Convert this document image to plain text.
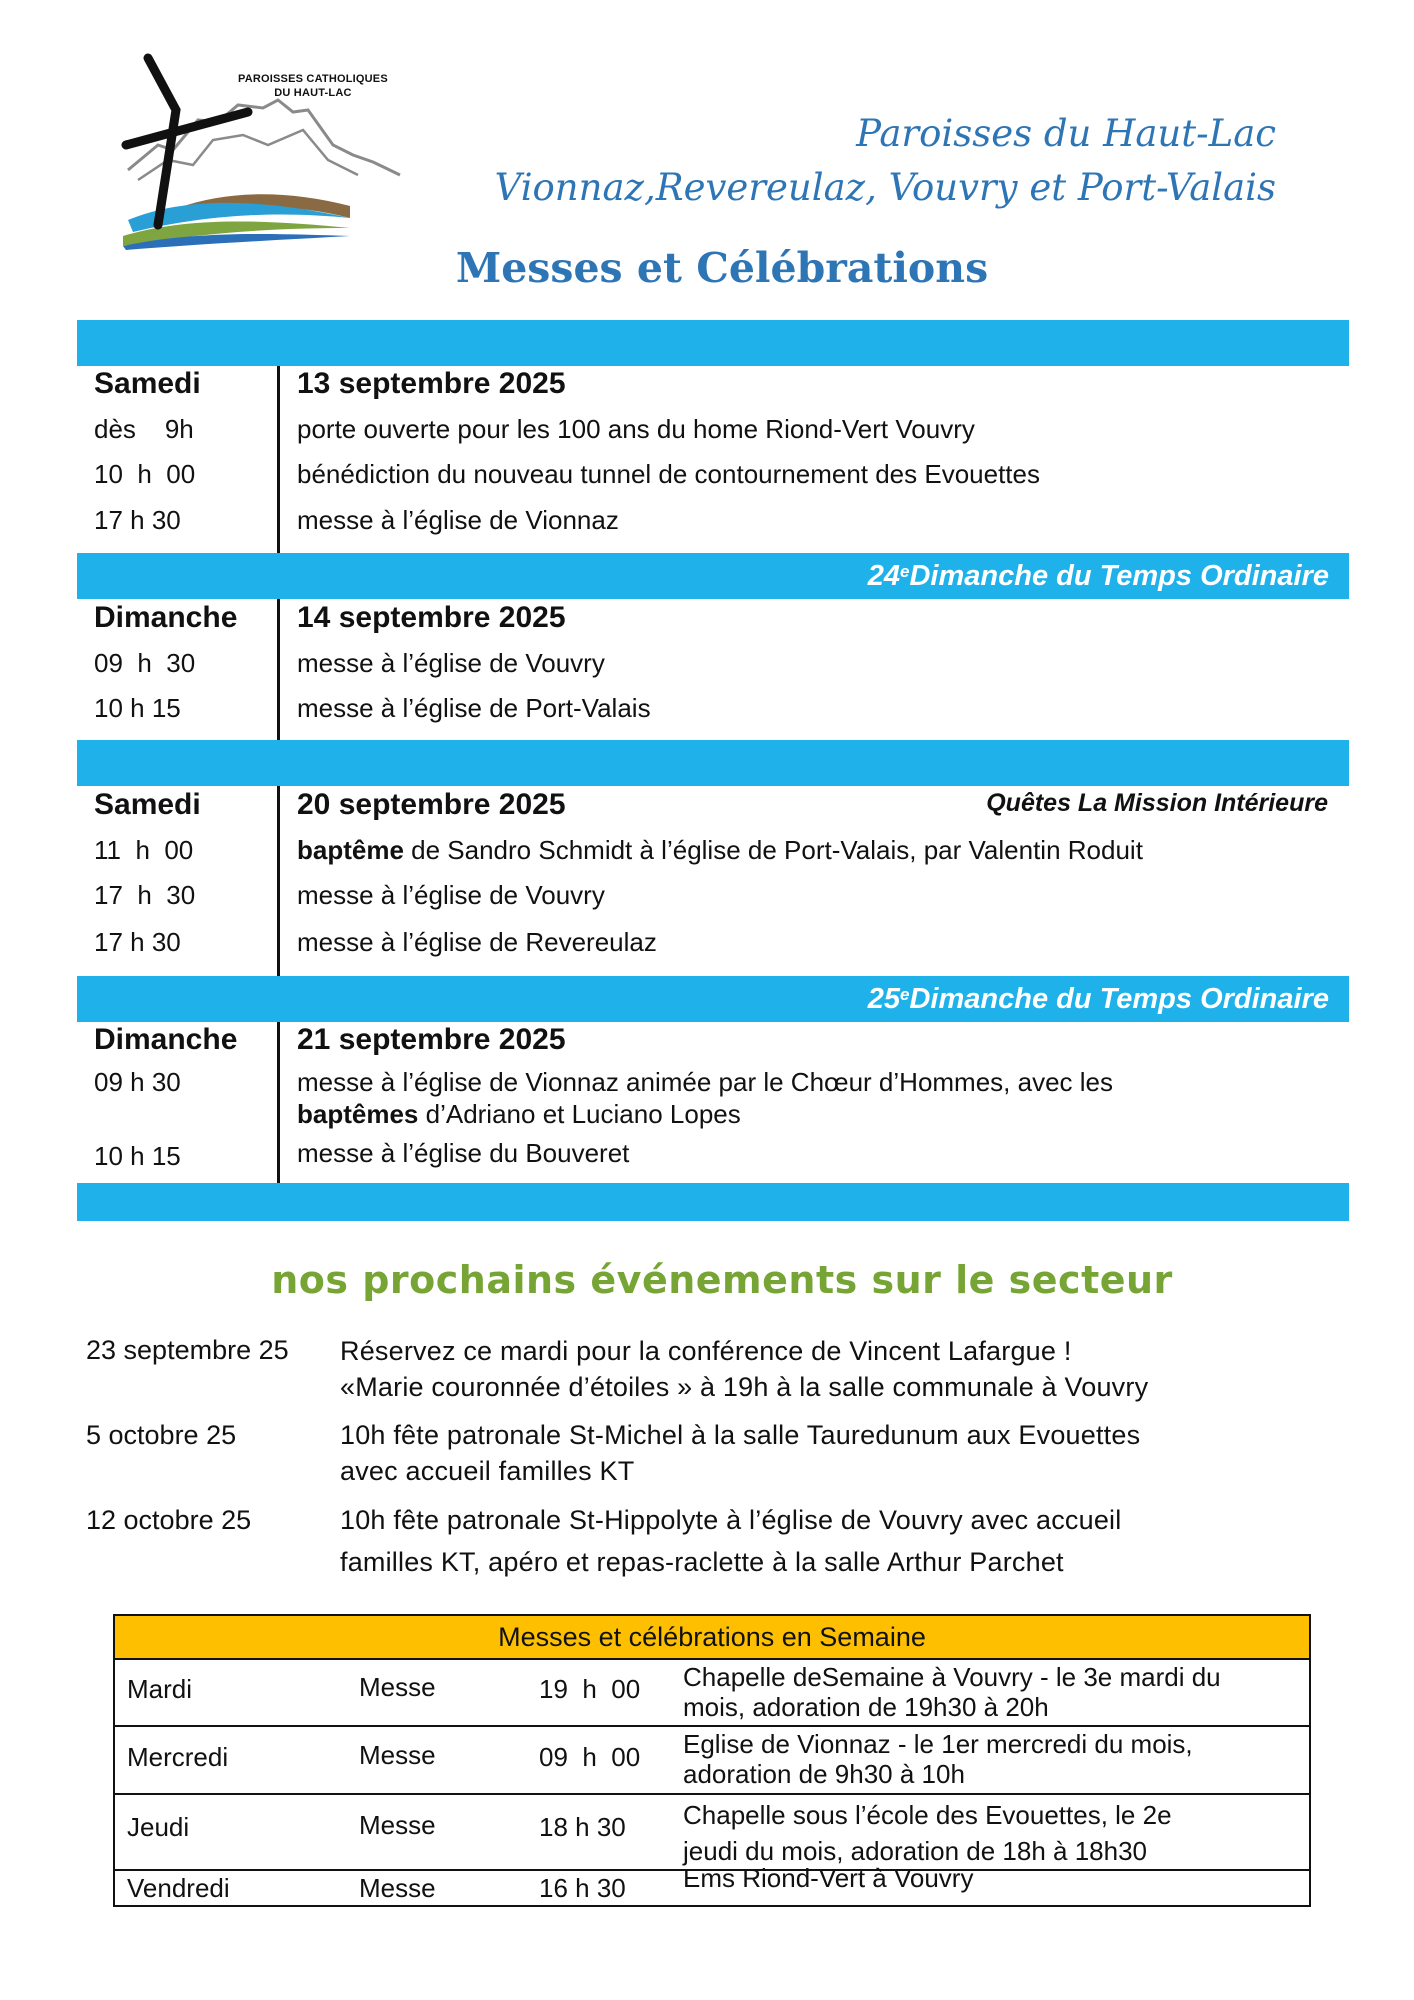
PAROISSES CATHOLIQUES
DU HAUT-LAC
Paroisses du Haut-Lac
Vionnaz,Revereulaz, Vouvry et Port-Valais
Messes et Célébrations
24e Dimanche du Temps Ordinaire
25e Dimanche du Temps Ordinaire
Samedi	13 septembre 2025
dès    9h	porte ouverte pour les 100 ans du home Riond-Vert Vouvry
10  h  00	bénédiction du nouveau tunnel de contournement des Evouettes
17 h 30	messe à l’église de Vionnaz
Dimanche 14 septembre 2025
09  h  30	messe à l’église de Vouvry
10 h 15	messe à l’église de Port-Valais
Samedi	20 septembre 2025	Quêtes La Mission Intérieure
11  h  00	baptême de Sandro Schmidt à l’église de Port-Valais, par Valentin Roduit
17  h  30	messe à l’église de Vouvry
17 h 30	messe à l’église de Revereulaz
Dimanche 21 septembre 2025
09 h 30	messe à l’église de Vionnaz animée par le Chœur d’Hommes, avec les
baptêmes d’Adriano et Luciano Lopes
10 h 15	messe à l’église du Bouveret
nos prochains événements sur le secteur
23 septembre 25 Réservez ce mardi pour la conférence de Vincent Lafargue !
«Marie couronnée d’étoiles » à 19h à la salle communale à Vouvry
5 octobre 25	10h fête patronale St-Michel à la salle Tauredunum aux Evouettes
avec accueil familles KT
12 octobre 25	10h fête patronale St-Hippolyte à l’église de Vouvry avec accueil
familles KT, apéro et repas-raclette à la salle Arthur Parchet
Messes et célébrations en Semaine
Mardi	Messe	19  h  00 Chapelle deSemaine à Vouvry - le 3e mardi du
mois, adoration de 19h30 à 20h
Mercredi	Messe	09  h  00 Eglise de Vionnaz - le 1er mercredi du mois,
adoration de 9h30 à 10h
Jeudi	Messe	18 h 30 Chapelle sous l’école des Evouettes, le 2e
jeudi du mois, adoration de 18h à 18h30
Vendredi	Messe	16 h 30 Ems Riond-Vert à Vouvry
